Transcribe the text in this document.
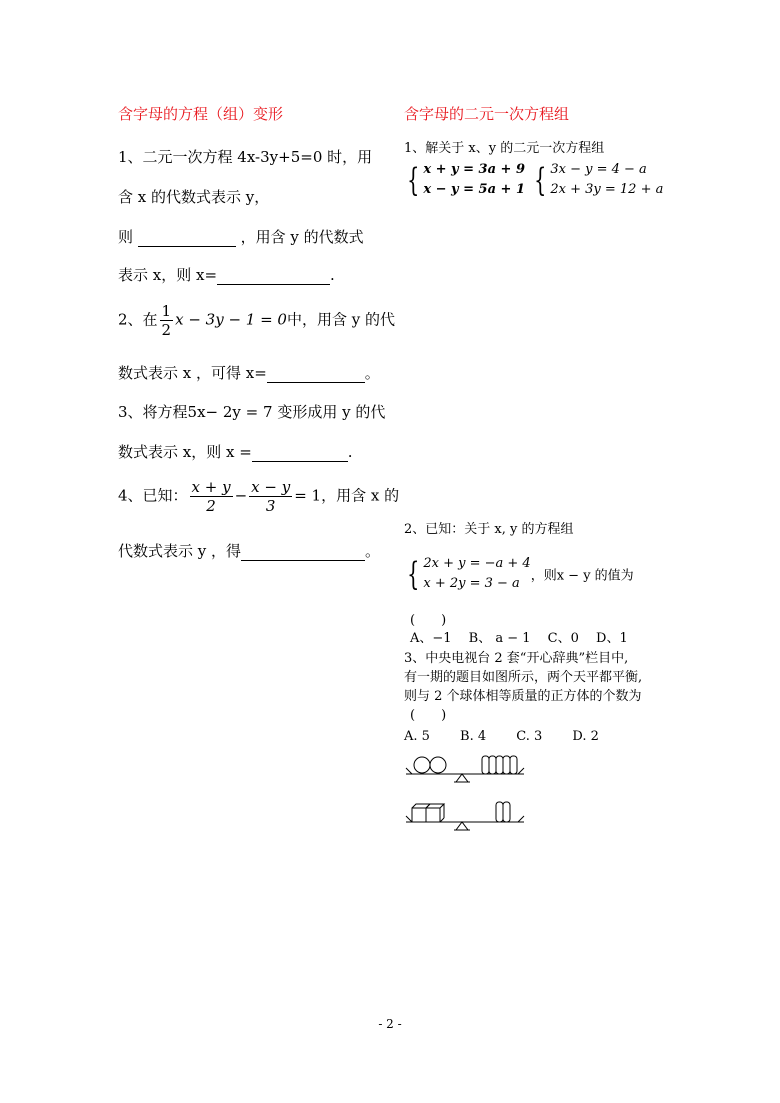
含字母的方程（组）变形
1、二元一次方程 4x-3y+5=0 时，用
含 x 的代数式表示 y，
则	，用含 y 的代数式
表示 x，则 x=	.
2、在 $\frac{1}{2}$ x − 3y − 1 = 0中，用含 y 的代
数式表示 x ，可得 x=	。
3、将方程5x− 2y = 7 变形成用 y 的代
数式表示 x，则 x =	.
4、已知： $\frac{x + y}{2} - \frac{x - y}{3} = 1$，用含 x 的
代数式表示 y ，得	。
含字母的二元一次方程组
1、解关于 x、y 的二元一次方程组
{ x + y = 3a + 9
x − y = 5a + 1 { 3x − y = 4 − a
2x + 3y = 12 + a
2、已知：关于 x, y 的方程组
{ 2x + y = −a + 4
x + 2y = 3 − a ，则x − y 的值为
(　　)
A、−1　 B、 a − 1　 C、0　 D、1
3、中央电视台 2 套“开心辞典”栏目中,
有一期的题目如图所示，两个天平都平衡,
则与 2 个球体相等质量的正方体的个数为
(　　)
A. 5　　 B. 4　　 C. 3　　 D. 2
- 2 -
